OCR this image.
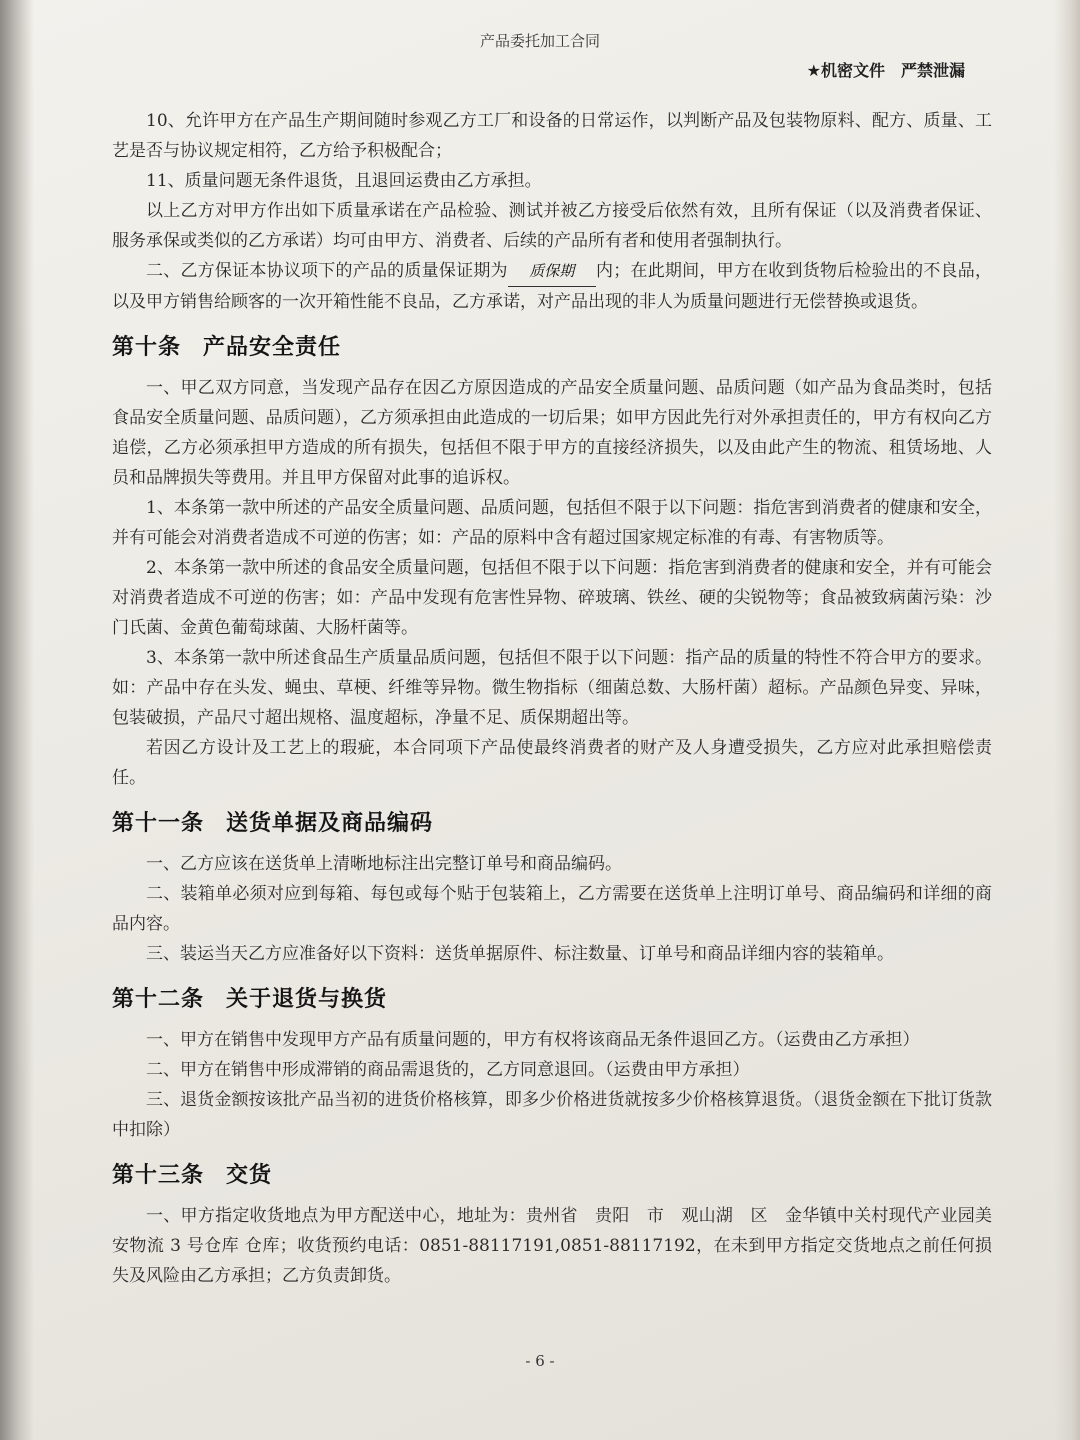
产品委托加工合同
★机密文件　严禁泄漏

10、允许甲方在产品生产期间随时参观乙方工厂和设备的日常运作，以判断产品及包装物原料、配方、质量、工艺是否与协议规定相符，乙方给予积极配合；

11、质量问题无条件退货，且退回运费由乙方承担。

以上乙方对甲方作出如下质量承诺在产品检验、测试并被乙方接受后依然有效，且所有保证（以及消费者保证、服务承保或类似的乙方承诺）均可由甲方、消费者、后续的产品所有者和使用者强制执行。

二、乙方保证本协议项下的产品的质量保证期为 质保期 内；在此期间，甲方在收到货物后检验出的不良品，以及甲方销售给顾客的一次开箱性能不良品，乙方承诺，对产品出现的非人为质量问题进行无偿替换或退货。

第十条 产品安全责任

一、甲乙双方同意，当发现产品存在因乙方原因造成的产品安全质量问题、品质问题（如产品为食品类时，包括食品安全质量问题、品质问题），乙方须承担由此造成的一切后果；如甲方因此先行对外承担责任的，甲方有权向乙方追偿，乙方必须承担甲方造成的所有损失，包括但不限于甲方的直接经济损失，以及由此产生的物流、租赁场地、人员和品牌损失等费用。并且甲方保留对此事的追诉权。

1、本条第一款中所述的产品安全质量问题、品质问题，包括但不限于以下问题：指危害到消费者的健康和安全，并有可能会对消费者造成不可逆的伤害；如：产品的原料中含有超过国家规定标准的有毒、有害物质等。

2、本条第一款中所述的食品安全质量问题，包括但不限于以下问题：指危害到消费者的健康和安全，并有可能会对消费者造成不可逆的伤害；如：产品中发现有危害性异物、碎玻璃、铁丝、硬的尖锐物等；食品被致病菌污染：沙门氏菌、金黄色葡萄球菌、大肠杆菌等。

3、本条第一款中所述食品生产质量品质问题，包括但不限于以下问题：指产品的质量的特性不符合甲方的要求。如：产品中存在头发、蝇虫、草梗、纤维等异物。微生物指标（细菌总数、大肠杆菌）超标。产品颜色异变、异味，包装破损，产品尺寸超出规格、温度超标，净量不足、质保期超出等。

若因乙方设计及工艺上的瑕疵，本合同项下产品使最终消费者的财产及人身遭受损失，乙方应对此承担赔偿责任。

第十一条 送货单据及商品编码

一、乙方应该在送货单上清晰地标注出完整订单号和商品编码。

二、装箱单必须对应到每箱、每包或每个贴于包装箱上，乙方需要在送货单上注明订单号、商品编码和详细的商品内容。

三、装运当天乙方应准备好以下资料：送货单据原件、标注数量、订单号和商品详细内容的装箱单。

第十二条 关于退货与换货

一、甲方在销售中发现甲方产品有质量问题的，甲方有权将该商品无条件退回乙方。（运费由乙方承担）

二、甲方在销售中形成滞销的商品需退货的，乙方同意退回。（运费由甲方承担）

三、退货金额按该批产品当初的进货价格核算，即多少价格进货就按多少价格核算退货。（退货金额在下批订货款中扣除）

第十三条 交货

一、甲方指定收货地点为甲方配送中心，地址为：贵州省　贵阳　市　观山湖　区　金华镇中关村现代产业园美安物流 3 号仓库 仓库；收货预约电话：0851-88117191,0851-88117192，在未到甲方指定交货地点之前任何损失及风险由乙方承担；乙方负责卸货。

- 6 -
